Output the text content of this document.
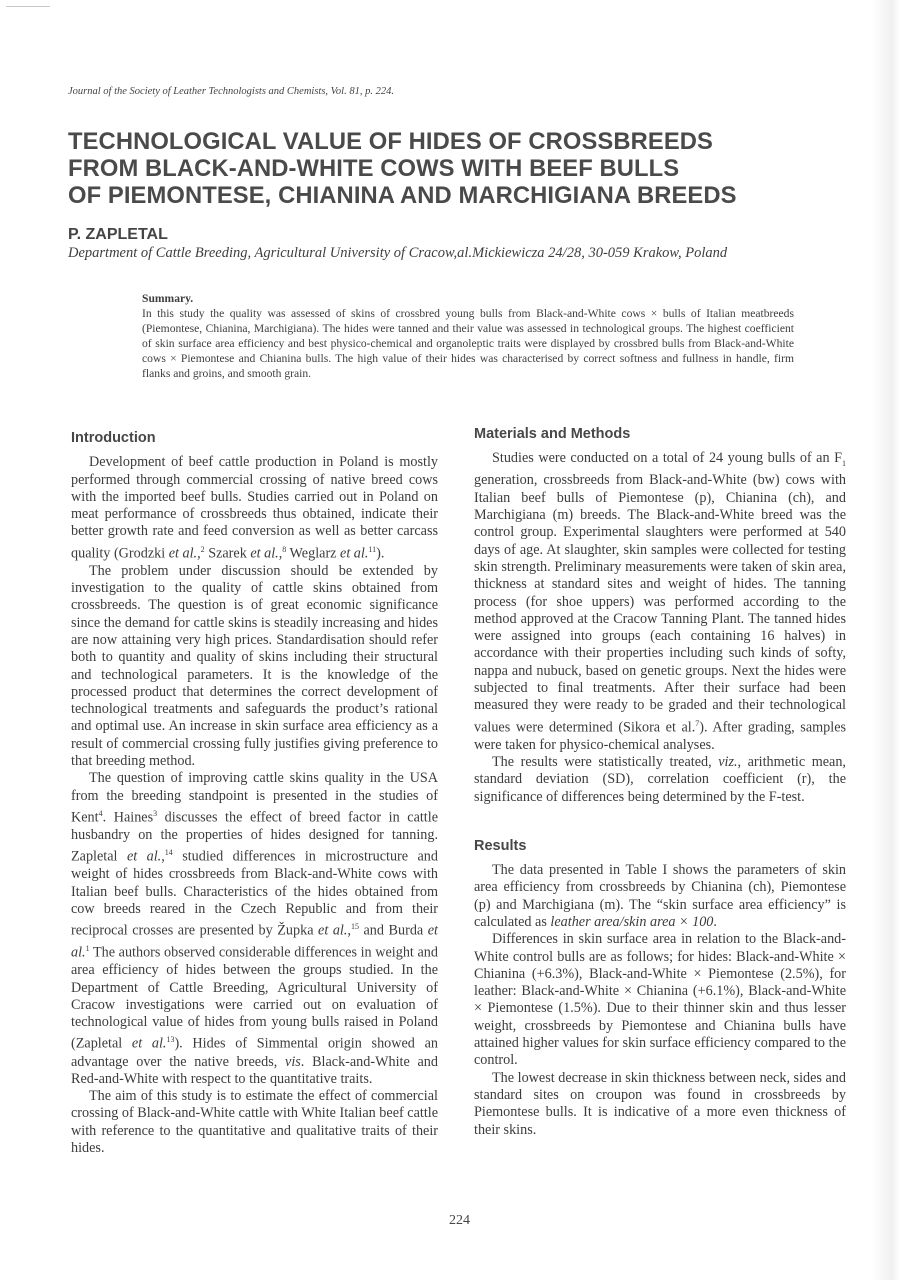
Journal of the Society of Leather Technologists and Chemists, Vol. 81, p. 224.
TECHNOLOGICAL VALUE OF HIDES OF CROSSBREEDS
FROM BLACK-AND-WHITE COWS WITH BEEF BULLS
OF PIEMONTESE, CHIANINA AND MARCHIGIANA BREEDS
P. ZAPLETAL
Department of Cattle Breeding, Agricultural University of Cracow,al.Mickiewicza 24/28, 30-059 Krakow, Poland
Summary.
In this study the quality was assessed of skins of crossbred young bulls from Black-and-White cows × bulls of Italian meatbreeds (Piemontese, Chianina, Marchigiana). The hides were tanned and their value was assessed in technological groups. The highest coefficient of skin surface area efficiency and best physico-chemical and organoleptic traits were displayed by crossbred bulls from Black-and-White cows × Piemontese and Chianina bulls. The high value of their hides was characterised by correct softness and fullness in handle, firm flanks and groins, and smooth grain.
Introduction

Development of beef cattle production in Poland is mostly performed through commercial crossing of native breed cows with the imported beef bulls. Studies carried out in Poland on meat performance of crossbreeds thus obtained, indicate their better growth rate and feed conversion as well as better carcass quality (Grodzki et al.,$^2$ Szarek et al.,$^8$ Weglarz et al.$^{11}$).

The problem under discussion should be extended by investigation to the quality of cattle skins obtained from crossbreeds. The question is of great economic significance since the demand for cattle skins is steadily increasing and hides are now attaining very high prices. Standardisation should refer both to quantity and quality of skins including their structural and technological parameters. It is the knowledge of the processed product that determines the correct development of technological treatments and safeguards the product’s rational and optimal use. An increase in skin surface area efficiency as a result of commercial crossing fully justifies giving preference to that breeding method.

The question of improving cattle skins quality in the USA from the breeding standpoint is presented in the studies of Kent$^4$. Haines$^3$ discusses the effect of breed factor in cattle husbandry on the properties of hides designed for tanning. Zapletal et al.,$^{14}$ studied differences in microstructure and weight of hides crossbreeds from Black-and-White cows with Italian beef bulls. Characteristics of the hides obtained from cow breeds reared in the Czech Republic and from their reciprocal crosses are presented by Župka et al.,$^{15}$ and Burda et al.$^1$ The authors observed considerable differences in weight and area efficiency of hides between the groups studied. In the Department of Cattle Breeding, Agricultural University of Cracow investigations were carried out on evaluation of technological value of hides from young bulls raised in Poland (Zapletal et al.$^{13}$). Hides of Simmental origin showed an advantage over the native breeds, vis. Black-and-White and Red-and-White with respect to the quantitative traits.

The aim of this study is to estimate the effect of commercial crossing of Black-and-White cattle with White Italian beef cattle with reference to the quantitative and qualitative traits of their hides.

Materials and Methods

Studies were conducted on a total of 24 young bulls of an $F_1$ generation, crossbreeds from Black-and-White (bw) cows with Italian beef bulls of Piemontese (p), Chianina (ch), and Marchigiana (m) breeds. The Black-and-White breed was the control group. Experimental slaughters were performed at 540 days of age. At slaughter, skin samples were collected for testing skin strength. Preliminary measurements were taken of skin area, thickness at standard sites and weight of hides. The tanning process (for shoe uppers) was performed according to the method approved at the Cracow Tanning Plant. The tanned hides were assigned into groups (each containing 16 halves) in accordance with their properties including such kinds of softy, nappa and nubuck, based on genetic groups. Next the hides were subjected to final treatments. After their surface had been measured they were ready to be graded and their technological values were determined (Sikora et al.$^7$). After grading, samples were taken for physico-chemical analyses.

The results were statistically treated, viz., arithmetic mean, standard deviation (SD), correlation coefficient (r), the significance of differences being determined by the F-test.

Results

The data presented in Table I shows the parameters of skin area efficiency from crossbreeds by Chianina (ch), Piemontese (p) and Marchigiana (m). The “skin surface area efficiency” is calculated as leather area/skin area × 100.

Differences in skin surface area in relation to the Black-and-White control bulls are as follows; for hides: Black-and-White × Chianina (+6.3%), Black-and-White × Piemontese (2.5%), for leather: Black-and-White × Chianina (+6.1%), Black-and-White × Piemontese (1.5%). Due to their thinner skin and thus lesser weight, crossbreeds by Piemontese and Chianina bulls have attained higher values for skin surface efficiency compared to the control.

The lowest decrease in skin thickness between neck, sides and standard sites on croupon was found in crossbreeds by Piemontese bulls. It is indicative of a more even thickness of their skins.

224
